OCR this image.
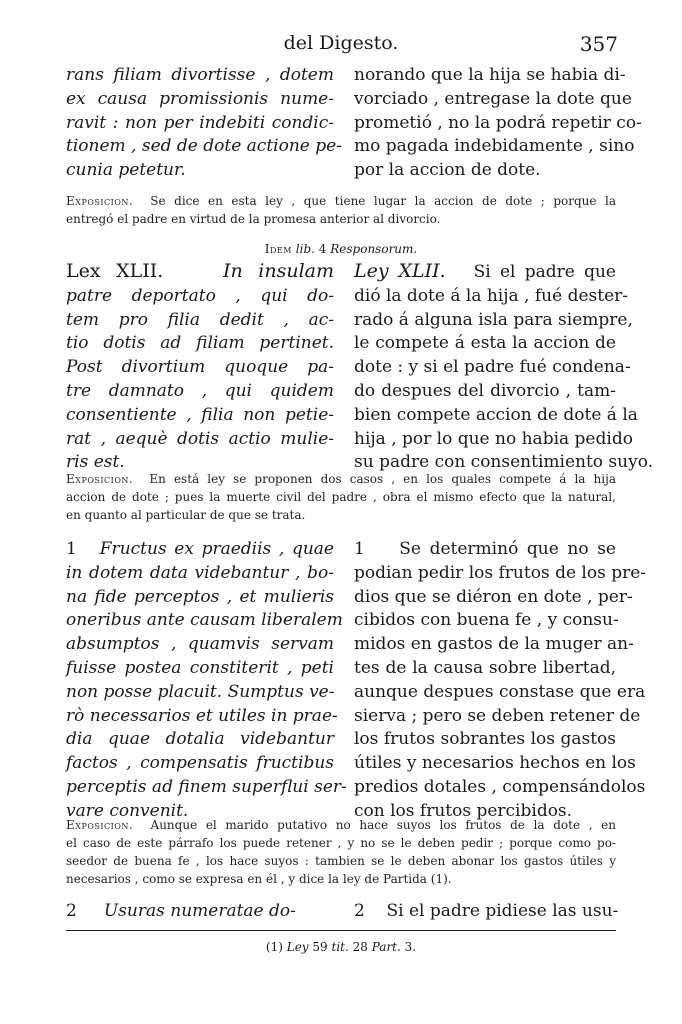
del Digesto.	357
rans filiam divortisse , dotem
ex causa promissionis nume-
ravit : non per indebiti condic-
tionem , sed de dote actione pe-
cunia petetur.
norando que la hija se habia di-
vorciado , entregase la dote que
prometió , no la podrá repetir co-
mo pagada indebidamente , sino
por la accion de dote.
Exposicion. Se dice en esta ley , que tiene lugar la accion de dote ; porque la
entregó el padre en virtud de la promesa anterior al divorcio.
Idem lib. 4 Responsorum.
Lex XLII.	In insulam
patre deportato , qui do-
tem pro filia dedit , ac-
tio dotis ad filiam pertinet.
Post divortium quoque pa-
tre damnato , qui quidem
consentiente , filia non petie-
rat , aequè dotis actio mulie-
ris est.
Ley XLII. Si el padre que
dió la dote á la hija , fué dester-
rado á alguna isla para siempre,
le compete á esta la accion de
dote : y si el padre fué condena-
do despues del divorcio , tam-
bien compete accion de dote á la
hija , por lo que no habia pedido
su padre con consentimiento suyo.
Exposicion. En está ley se proponen dos casos , en los quales compete á la hija
accion de dote ; pues la muerte civil del padre , obra el mismo efecto que la natural,
en quanto al particular de que se trata.
1 Fructus ex praediis , quae
in dotem data videbantur , bo-
na fide perceptos , et mulieris
oneribus ante causam liberalem
absumptos , quamvis servam
fuisse postea constiterit , peti
non posse placuit. Sumptus ve-
rò necessarios et utiles in prae-
dia quae dotalia videbantur
factos , compensatis fructibus
perceptis ad finem superflui ser-
vare convenit.
1 Se determinó que no se
podian pedir los frutos de los pre-
dios que se diéron en dote , per-
cibidos con buena fe , y consu-
midos en gastos de la muger an-
tes de la causa sobre libertad,
aunque despues constase que era
sierva ; pero se deben retener de
los frutos sobrantes los gastos
útiles y necesarios hechos en los
predios dotales , compensándolos
con los frutos percibidos.
Exposicion. Aunque el marido putativo no hace suyos los frutos de la dote , en
el caso de este párrafo los puede retener , y no se le deben pedir ; porque como po-
seedor de buena fe , los hace suyos : tambien se le deben abonar los gastos útiles y
necesarios , como se expresa en él , y dice la ley de Partida (1).
2 Usuras numeratae do-	2 Si el padre pidiese las usu-
(1) Ley 59 tit. 28 Part. 3.
